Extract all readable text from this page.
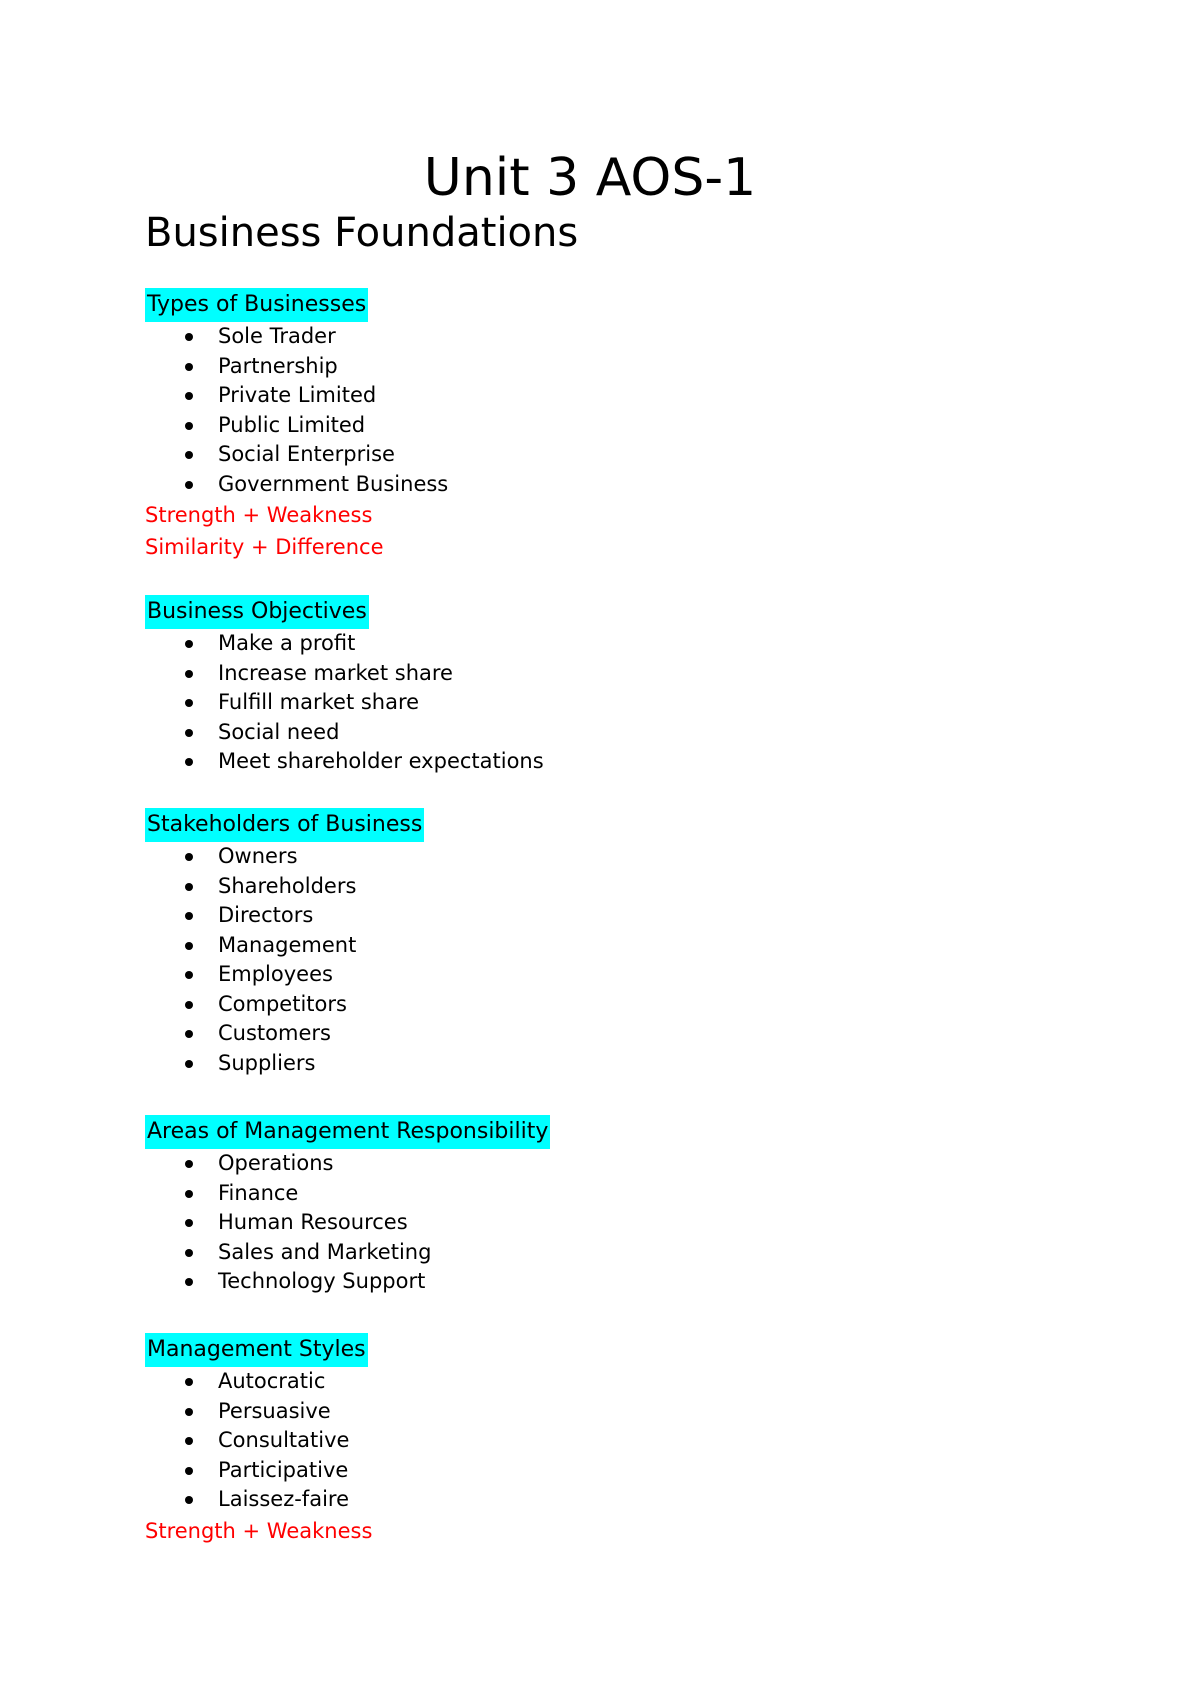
Unit 3 AOS-1
Business Foundations
Types of Businesses
Sole Trader
Partnership
Private Limited
Public Limited
Social Enterprise
Government Business

Strength + Weakness

Similarity + Difference

Business Objectives
Make a profit
Increase market share
Fulfill market share
Social need
Meet shareholder expectations
Stakeholders of Business
Owners
Shareholders
Directors
Management
Employees
Competitors
Customers
Suppliers
Areas of Management Responsibility
Operations
Finance
Human Resources
Sales and Marketing
Technology Support
Management Styles
Autocratic
Persuasive
Consultative
Participative
Laissez-faire

Strength + Weakness
